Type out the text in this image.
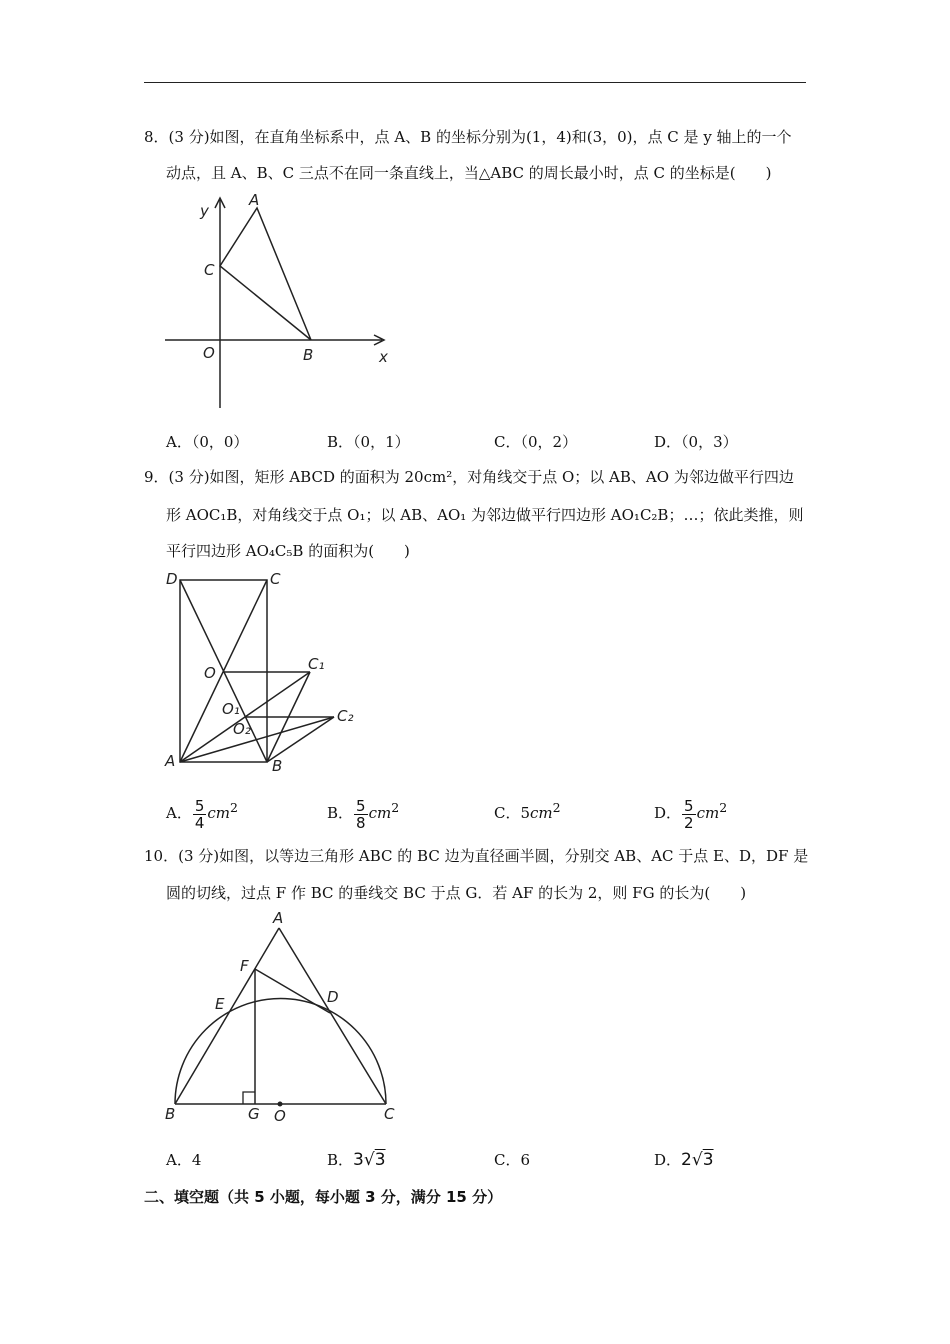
8．(3 分)如图，在直角坐标系中，点 A、B 的坐标分别为(1，4)和(3，0)，点 C 是 y 轴上的一个
动点，且 A、B、C 三点不在同一条直线上，当△ABC 的周长最小时，点 C 的坐标是(　　)
y
A
C
O	B	x
A．（0，0）	B．（0，1）	C．（0，2）	D．（0，3）
9．(3 分)如图，矩形 ABCD 的面积为 20cm²，对角线交于点 O；以 AB、AO 为邻边做平行四边
形 AOC₁B，对角线交于点 O₁；以 AB、AO₁ 为邻边做平行四边形 AO₁C₂B；…；依此类推，则
平行四边形 AO₄C₅B 的面积为(　　)
D	C
O	C₁
O₁
O₂
C₂
A	B
A． $\frac{5}{4} cm^2$	B． $\frac{5}{8} cm^2$	C．$5cm^2$	D． $\frac{5}{2} cm^2$
10．(3 分)如图，以等边三角形 ABC 的 BC 边为直径画半圆，分别交 AB、AC 于点 E、D，DF 是
圆的切线，过点 F 作 BC 的垂线交 BC 于点 G．若 AF 的长为 2，则 FG 的长为(　　)
A
F
E	D
B	G O	C
A．4	B．3√3	C．6	D．2√3
二、填空题（共 5 小题，每小题 3 分，满分 15 分）
